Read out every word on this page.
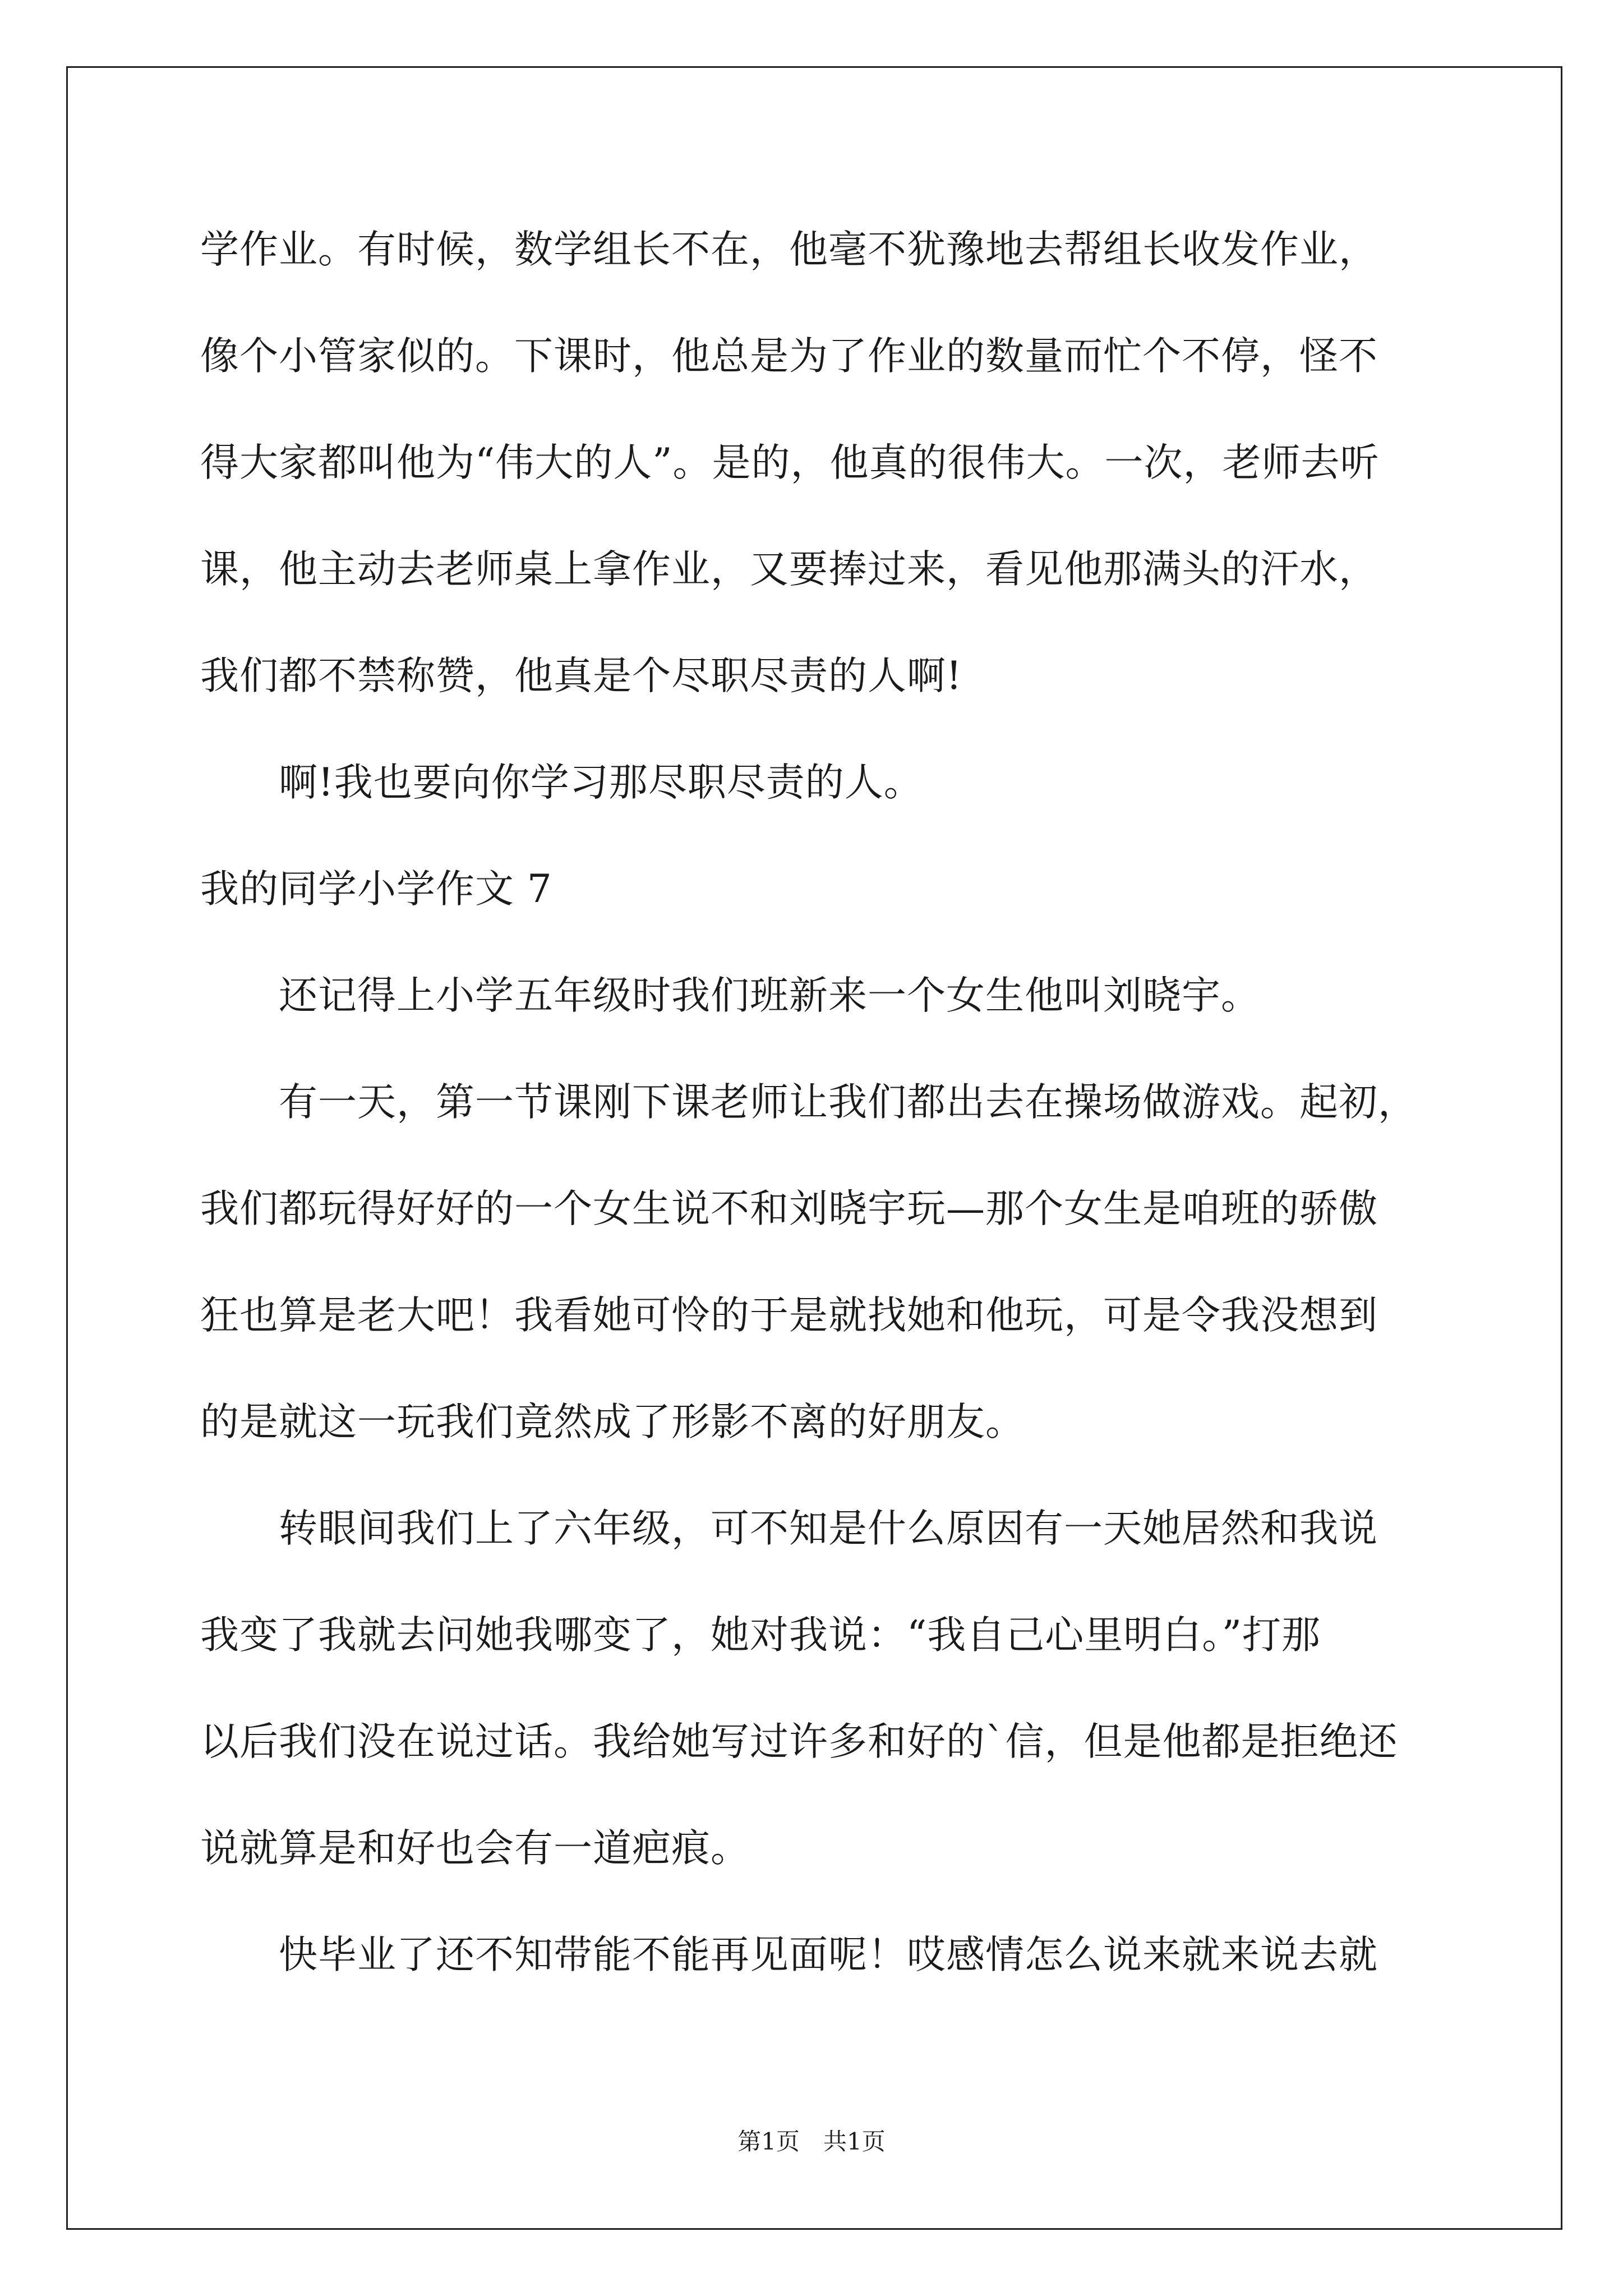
学作业。有时候，数学组长不在，他毫不犹豫地去帮组长收发作业，
像个小管家似的。下课时，他总是为了作业的数量而忙个不停，怪不
得大家都叫他为“伟大的人”。是的，他真的很伟大。一次，老师去听
课，他主动去老师桌上拿作业，又要捧过来，看见他那满头的汗水，
我们都不禁称赞，他真是个尽职尽责的人啊!
　　啊!我也要向你学习那尽职尽责的人。
我的同学小学作文 7
　　还记得上小学五年级时我们班新来一个女生他叫刘晓宇。
　　有一天，第一节课刚下课老师让我们都出去在操场做游戏。起初，
我们都玩得好好的一个女生说不和刘晓宇玩—那个女生是咱班的骄傲
狂也算是老大吧！我看她可怜的于是就找她和他玩，可是令我没想到
的是就这一玩我们竟然成了形影不离的好朋友。
　　转眼间我们上了六年级，可不知是什么原因有一天她居然和我说
我变了我就去问她我哪变了，她对我说：“我自己心里明白。”打那
以后我们没在说过话。我给她写过许多和好的`信，但是他都是拒绝还
说就算是和好也会有一道疤痕。
　　快毕业了还不知带能不能再见面呢！哎感情怎么说来就来说去就
第1页　共1页
